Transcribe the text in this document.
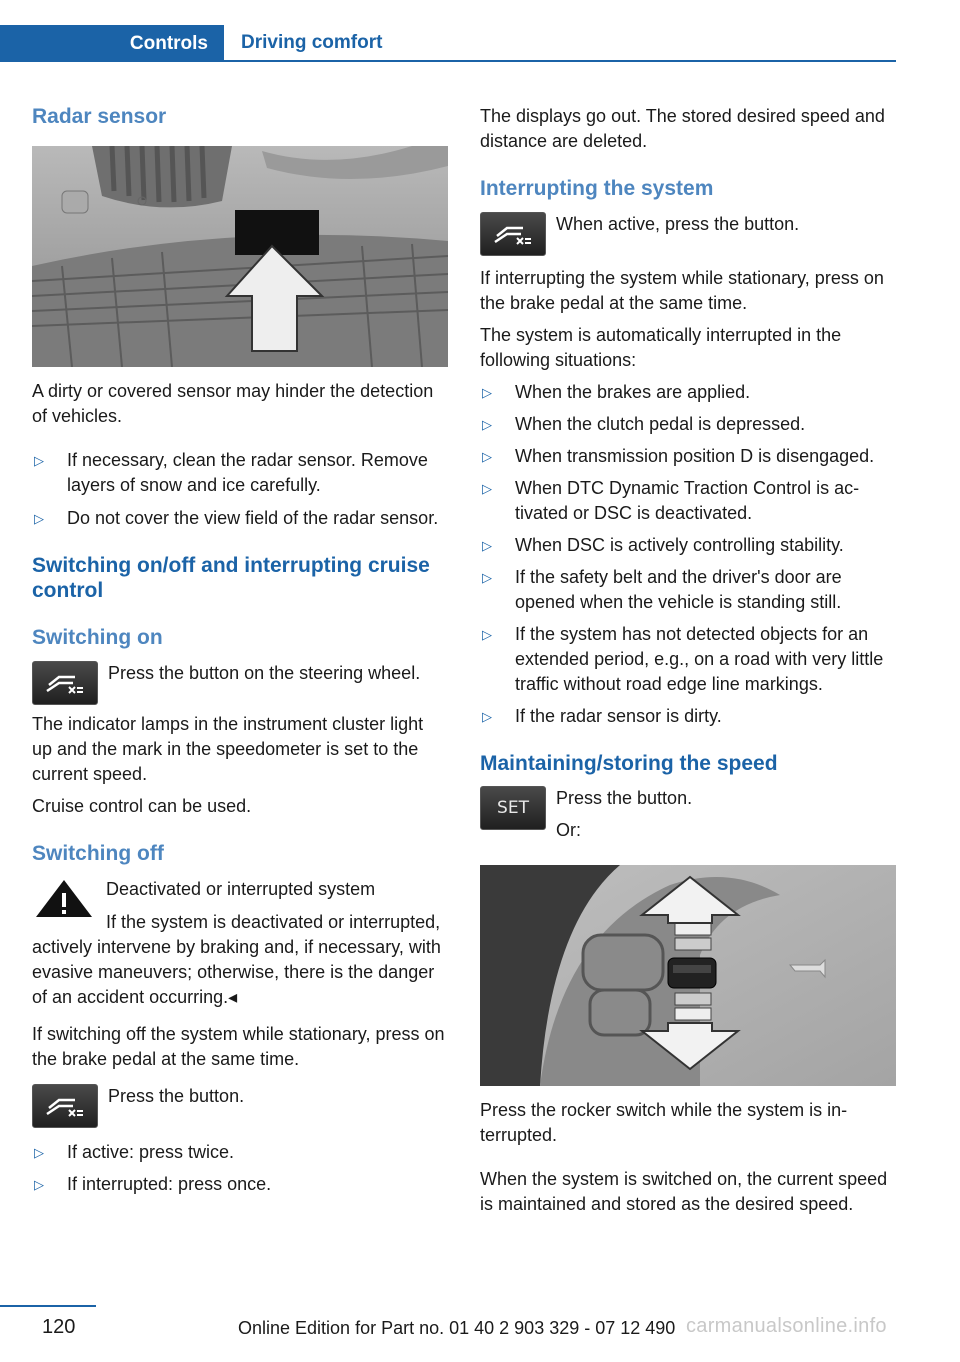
Controls	Driving comfort
Radar sensor

A dirty or covered sensor may hinder the detection of vehicles.

▷	If necessary, clean the radar sensor. Remove layers of snow and ice carefully.
▷	Do not cover the view field of the radar sensor.
Switching on/off and interrupting cruise control
Switching on

Press the button on the steering wheel.

The indicator lamps in the instrument cluster light up and the mark in the speedometer is set to the current speed.

Cruise control can be used.

Switching off

Deactivated or interrupted system

If the system is deactivated or interrupted, actively intervene by braking and, if necessary, with evasive maneuvers; otherwise, there is the danger of an accident occurring.◂

If switching off the system while stationary, press on the brake pedal at the same time.

Press the button.

▷	If active: press twice.
▷	If interrupted: press once.

The displays go out. The stored desired speed and distance are deleted.

Interrupting the system

When active, press the button.

If interrupting the system while stationary, press on the brake pedal at the same time.

The system is automatically interrupted in the following situations:

▷	When the brakes are applied.
▷	When the clutch pedal is depressed.
▷	When transmission position D is disengaged.
▷	When DTC Dynamic Traction Control is activated or DSC is deactivated.
▷	When DSC is actively controlling stability.
▷	If the safety belt and the driver's door are opened when the vehicle is standing still.
▷	If the system has not detected objects for an extended period, e.g., on a road with very little traffic without road edge line markings.
▷	If the radar sensor is dirty.
Maintaining/storing the speed
SET Press the button.

Or:

Press the rocker switch while the system is interrupted.

When the system is switched on, the current speed is maintained and stored as the desired speed.

120	Online Edition for Part no. 01 40 2 903 329 - 07 12 490 carmanualsonline.info
